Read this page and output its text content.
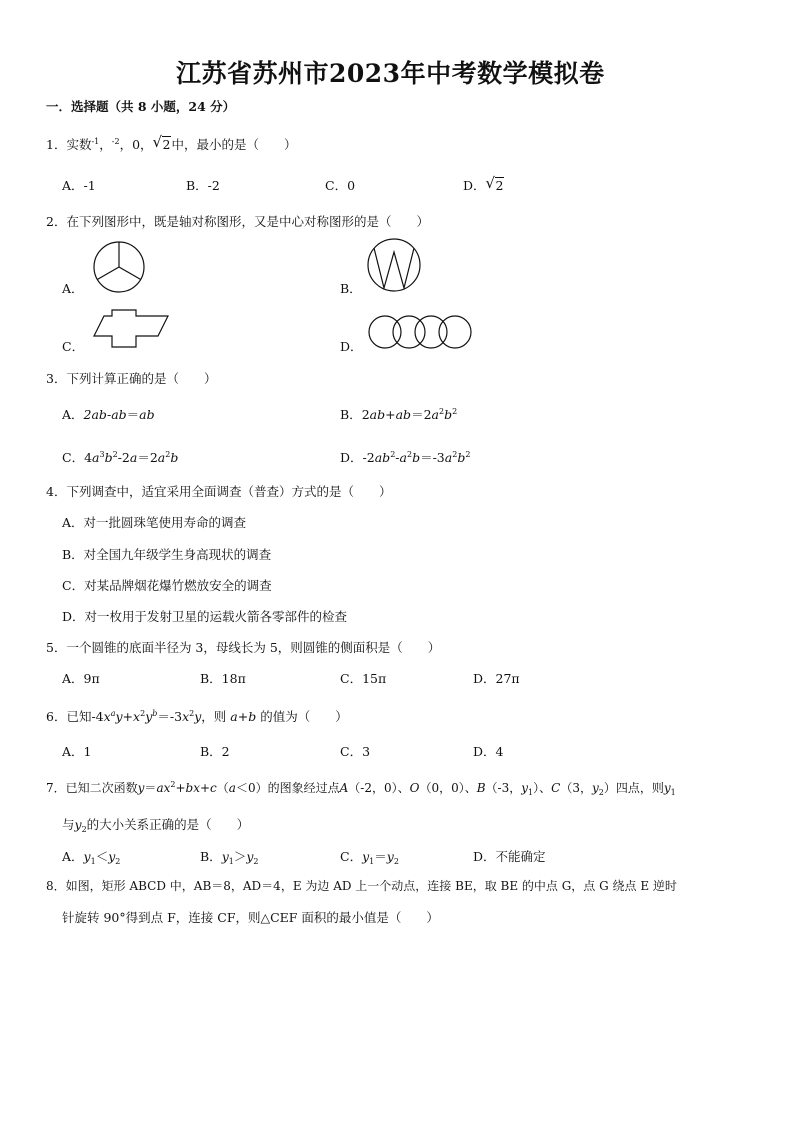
江苏省苏州市2023年中考数学模拟卷
一．选择题（共 8 小题，24 分）
1．实数$^{-1}$，$^{-2}$，0， √ 2中，最小的是（　　）
A．-1	B．-2	C．0	D． √ 2
2．在下列图形中，既是轴对称图形，又是中心对称图形的是（　　）
A．	B．
C．	D．
3．下列计算正确的是（　　）
A．2ab-ab＝ab	B．$2ab+ab=2a^2b^2$
C．$4a^3b^2-2a=2a^2b$	D．$-2ab^2-a^2b=-3a^2b^2$
4．下列调查中，适宜采用全面调查（普查）方式的是（　　）
A．对一批圆珠笔使用寿命的调查
B．对全国九年级学生身高现状的调查
C．对某品牌烟花爆竹燃放安全的调查
D．对一枚用于发射卫星的运载火箭各零部件的检查
5．一个圆锥的底面半径为 3，母线长为 5，则圆锥的侧面积是（　　）
A．9π	B．18π	C．15π	D．27π
6．已知$-4x^ay+x^2y^b=-3x^2y$，则 a+b 的值为（　　）
A．1	B．2	C．3	D．4
7．已知二次函数$y=ax^2+bx+c(a<0)$的图象经过点A（-2，0）、O（0，0）、B（-3，$y_1$）、C（3，$y_2$）四点，则$y_1$
与$y_2$的大小关系正确的是（　　）
A．$y_1<y_2$	B．$y_1>y_2$	C．$y_1=y_2$	D．不能确定
8．如图，矩形 ABCD 中，AB＝8，AD＝4，E 为边 AD 上一个动点，连接 BE，取 BE 的中点 G，点 G 绕点 E 逆时
针旋转 90°得到点 F，连接 CF，则△CEF 面积的最小值是（　　）
